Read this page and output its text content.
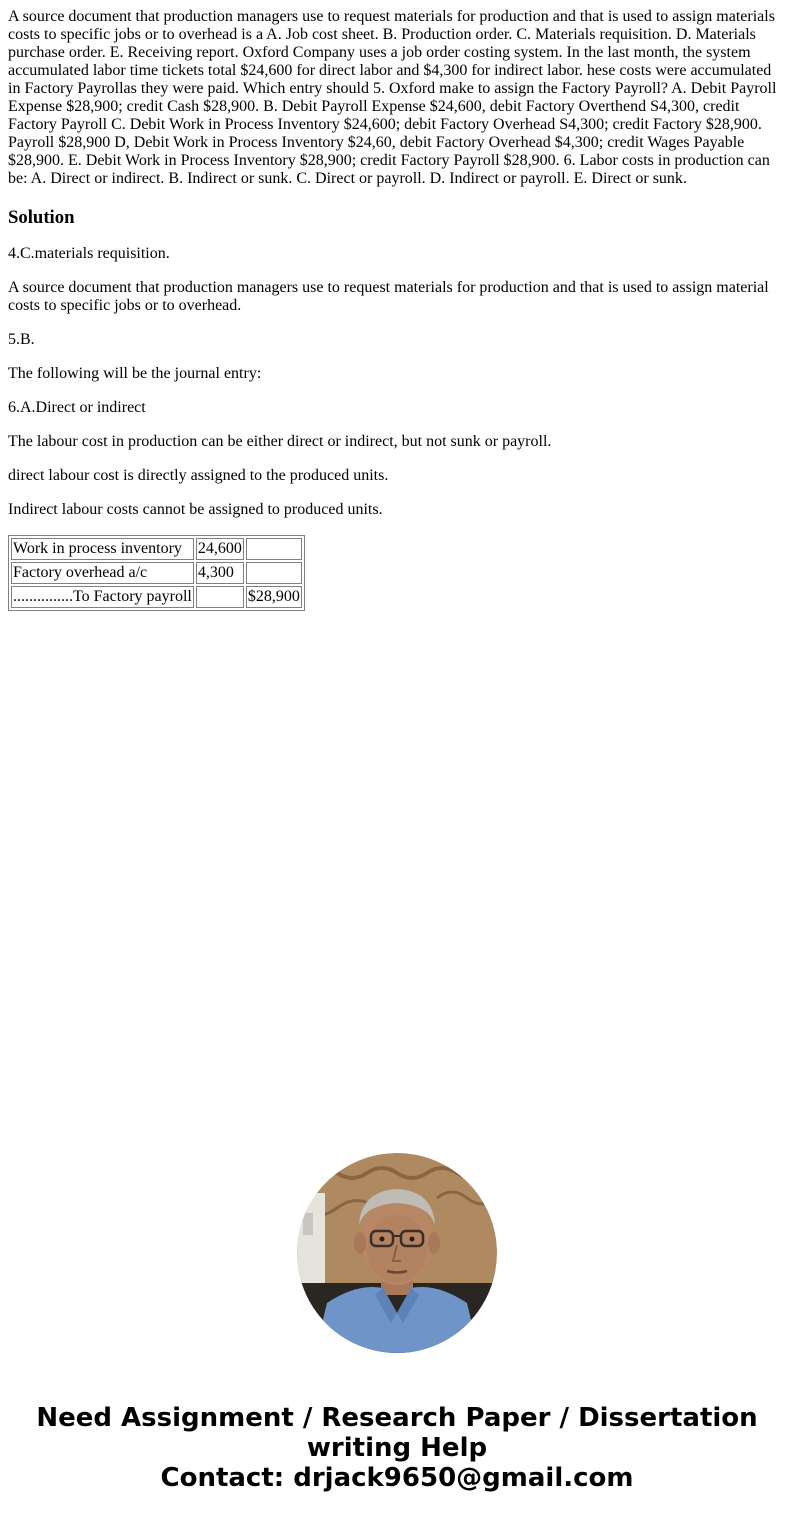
A source document that production managers use to request materials for production and that is used to assign materials costs to specific jobs or to overhead is a A. Job cost sheet. B. Production order. C. Materials requisition. D. Materials purchase order. E. Receiving report. Oxford Company uses a job order costing system. In the last month, the system accumulated labor time tickets total $24,600 for direct labor and $4,300 for indirect labor. hese costs were accumulated in Factory Payrollas they were paid. Which entry should 5. Oxford make to assign the Factory Payroll? A. Debit Payroll Expense $28,900; credit Cash $28,900. B. Debit Payroll Expense $24,600, debit Factory Overthend S4,300, credit Factory Payroll C. Debit Work in Process Inventory $24,600; debit Factory Overhead S4,300; credit Factory $28,900. Payroll $28,900 D, Debit Work in Process Inventory $24,60, debit Factory Overhead $4,300; credit Wages Payable $28,900. E. Debit Work in Process Inventory $28,900; credit Factory Payroll $28,900. 6. Labor costs in production can be: A. Direct or indirect. B. Indirect or sunk. C. Direct or payroll. D. Indirect or payroll. E. Direct or sunk.

Solution

4.C.materials requisition.

A source document that production managers use to request materials for production and that is used to assign material costs to specific jobs or to overhead.

5.B.

The following will be the journal entry:

6.A.Direct or indirect

The labour cost in production can be either direct or indirect, but not sunk or payroll.

direct labour cost is directly assigned to the produced units.

Indirect labour costs cannot be assigned to produced units.

Work in process inventory	24,600	
Factory overhead a/c	4,300	
...............To Factory payroll		$28,900
Need Assignment / Research Paper / Dissertation
writing Help
Contact: drjack9650@gmail.com
